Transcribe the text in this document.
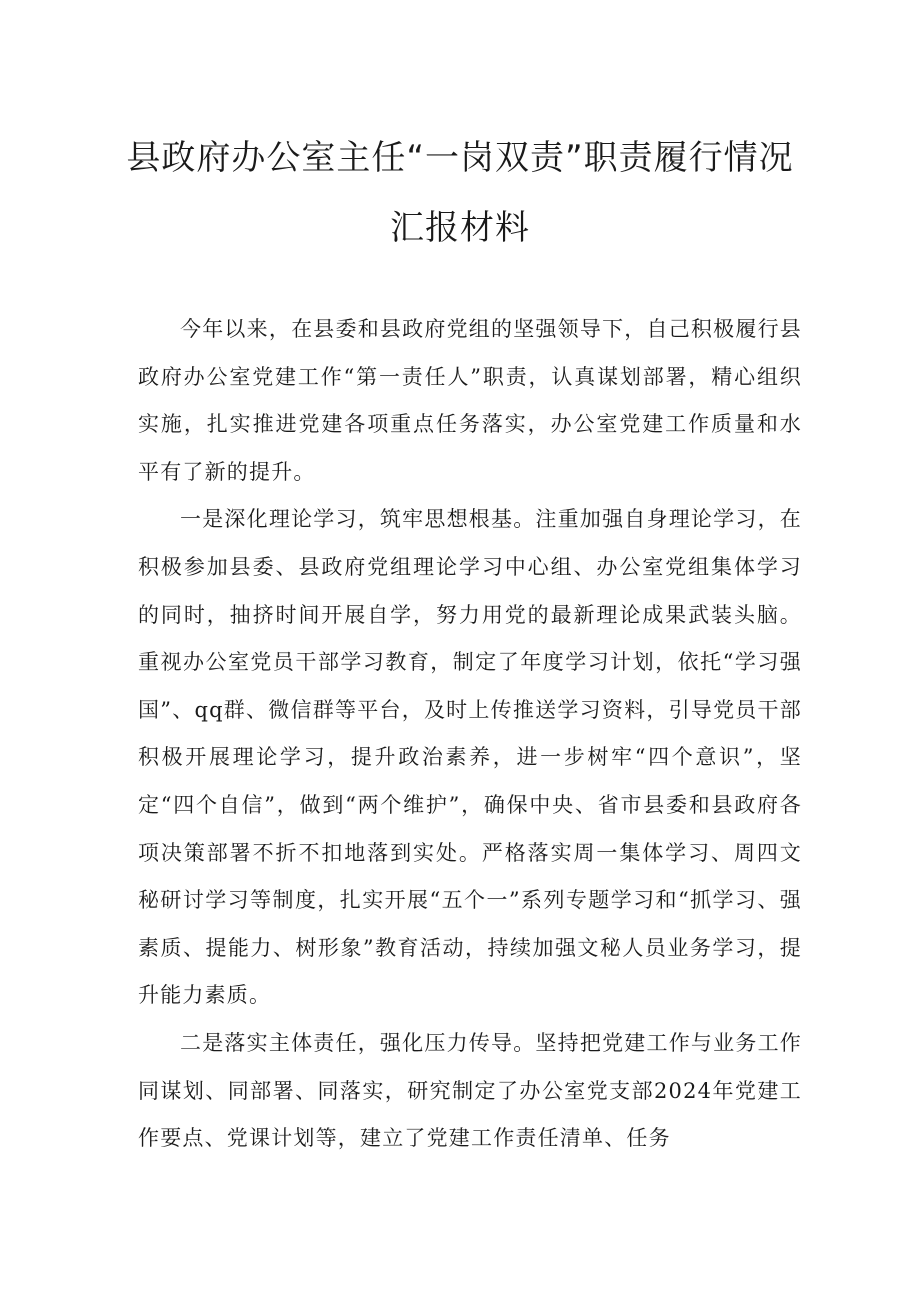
县政府办公室主任“一岗双责”职责履行情况
汇报材料

今年以来，在县委和县政府党组的坚强领导下，自己积极履行县政府办公室党建工作“第一责任人”职责，认真谋划部署，精心组织实施，扎实推进党建各项重点任务落实，办公室党建工作质量和水平有了新的提升。

一是深化理论学习，筑牢思想根基。注重加强自身理论学习，在积极参加县委、县政府党组理论学习中心组、办公室党组集体学习的同时，抽挤时间开展自学，努力用党的最新理论成果武装头脑。重视办公室党员干部学习教育，制定了年度学习计划，依托“学习强国”、qq群、微信群等平台，及时上传推送学习资料，引导党员干部积极开展理论学习，提升政治素养，进一步树牢“四个意识”，坚定“四个自信”，做到“两个维护”，确保中央、省市县委和县政府各项决策部署不折不扣地落到实处。严格落实周一集体学习、周四文秘研讨学习等制度，扎实开展“五个一”系列专题学习和“抓学习、强素质、提能力、树形象”教育活动，持续加强文秘人员业务学习，提升能力素质。

二是落实主体责任，强化压力传导。坚持把党建工作与业务工作同谋划、同部署、同落实，研究制定了办公室党支部2024年党建工作要点、党课计划等，建立了党建工作责任清单、任务
